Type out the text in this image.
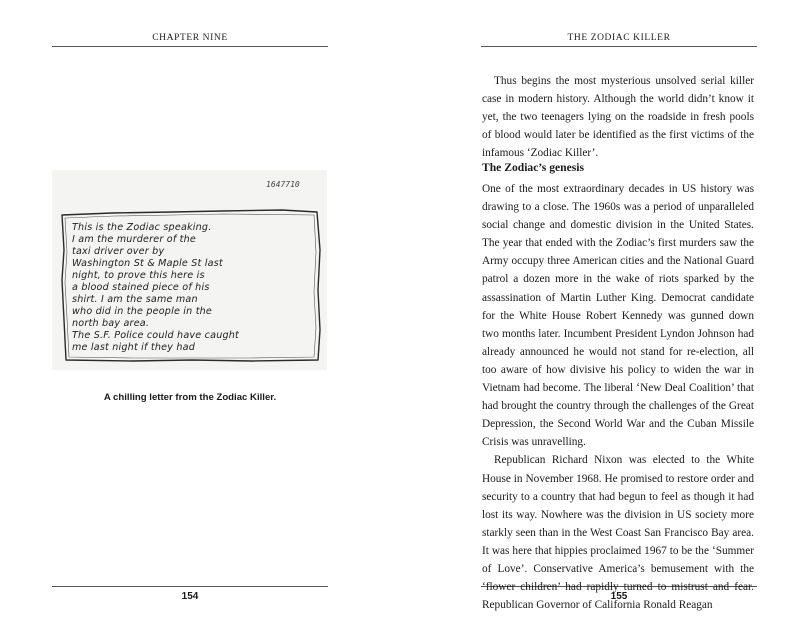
CHAPTER NINE
1647710
This is the Zodiac speaking.
I am the murderer of the
taxi driver over by
Washington St & Maple St last
night, to prove this here is
a blood stained piece of his
shirt. I am the same man
who did in the people in the
north bay area.
The S.F. Police could have caught
me last night if they had
A chilling letter from the Zodiac Killer.
154
THE ZODIAC KILLER
155

Thus begins the most mysterious unsolved serial killer case in modern history. Although the world didn’t know it yet, the two teenagers lying on the roadside in fresh pools of blood would later be identified as the first victims of the infamous ‘Zodiac Killer’.

The Zodiac’s genesis

One of the most extraordinary decades in US history was drawing to a close. The 1960s was a period of unparalleled social change and domestic division in the United States. The year that ended with the Zodiac’s first murders saw the Army occupy three American cities and the National Guard patrol a dozen more in the wake of riots sparked by the assassination of Martin Luther King. Democrat candidate for the White House Robert Kennedy was gunned down two months later. Incumbent President Lyndon Johnson had already announced he would not stand for re-election, all too aware of how divisive his policy to widen the war in Vietnam had become. The liberal ‘New Deal Coalition’ that had brought the country through the challenges of the Great Depression, the Second World War and the Cuban Missile Crisis was unravelling.

Republican Richard Nixon was elected to the White House in November 1968. He promised to restore order and security to a country that had begun to feel as though it had lost its way. Nowhere was the division in US society more starkly seen than in the West Coast San Francisco Bay area. It was here that hippies proclaimed 1967 to be the ‘Summer of Love’. Conservative America’s bemusement with the ‘flower children’ had rapidly turned to mistrust and fear. Republican Governor of California Ronald Reagan
